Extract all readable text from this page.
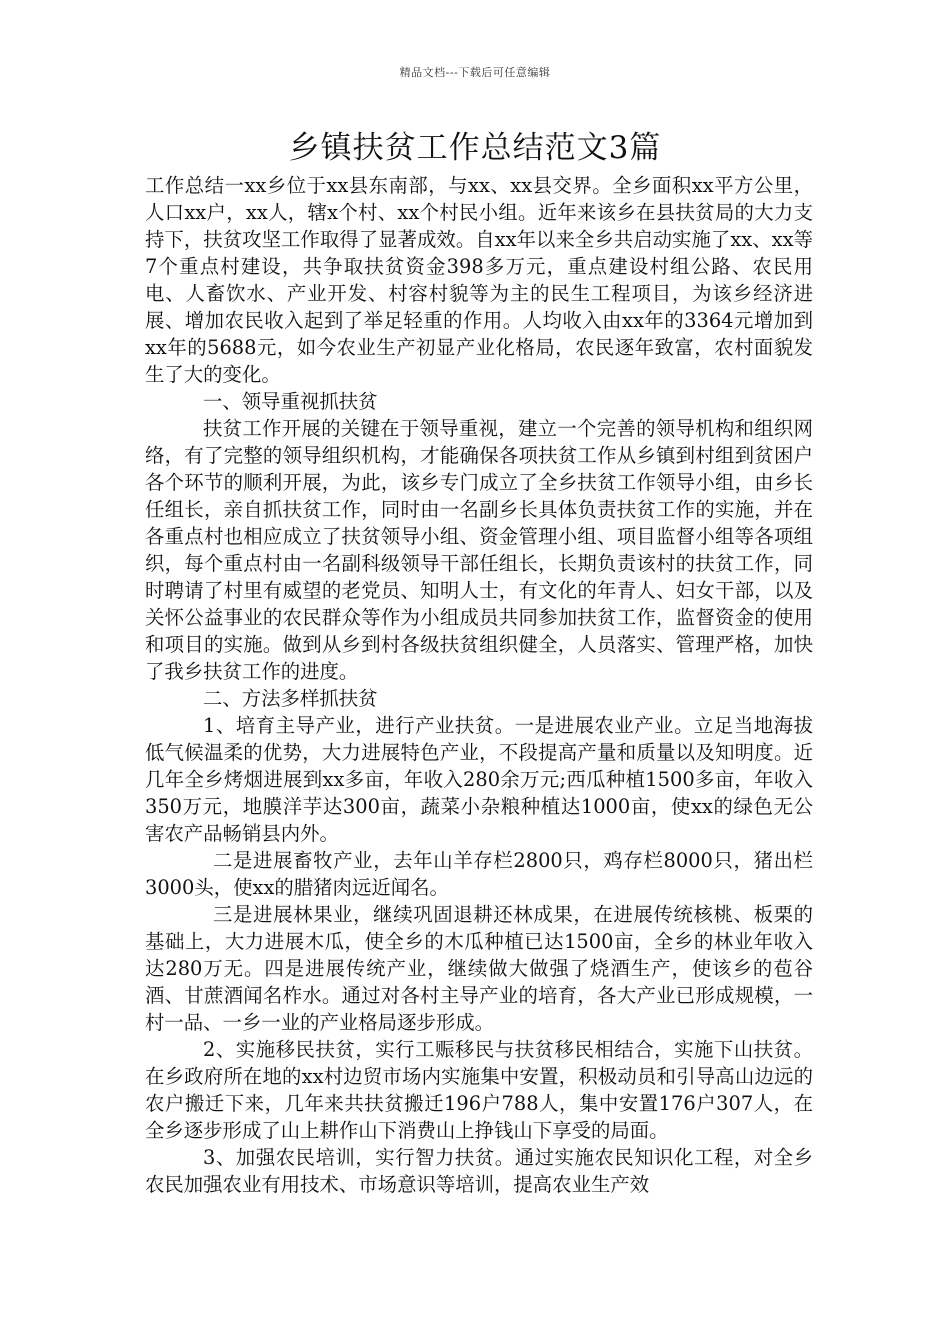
精品文档---下载后可任意编辑
乡镇扶贫工作总结范文3篇

工作总结一xx乡位于xx县东南部，与xx、xx县交界。全乡面积xx平方公里，人口xx户，xx人，辖x个村、xx个村民小组。近年来该乡在县扶贫局的大力支持下，扶贫攻坚工作取得了显著成效。自xx年以来全乡共启动实施了xx、xx等7个重点村建设，共争取扶贫资金398多万元，重点建设村组公路、农民用电、人畜饮水、产业开发、村容村貌等为主的民生工程项目，为该乡经济进展、增加农民收入起到了举足轻重的作用。人均收入由xx年的3364元增加到xx年的5688元，如今农业生产初显产业化格局，农民逐年致富，农村面貌发生了大的变化。

一、领导重视抓扶贫

扶贫工作开展的关键在于领导重视，建立一个完善的领导机构和组织网络，有了完整的领导组织机构，才能确保各项扶贫工作从乡镇到村组到贫困户各个环节的顺利开展，为此，该乡专门成立了全乡扶贫工作领导小组，由乡长任组长，亲自抓扶贫工作，同时由一名副乡长具体负责扶贫工作的实施，并在各重点村也相应成立了扶贫领导小组、资金管理小组、项目监督小组等各项组织，每个重点村由一名副科级领导干部任组长，长期负责该村的扶贫工作，同时聘请了村里有威望的老党员、知明人士，有文化的年青人、妇女干部，以及关怀公益事业的农民群众等作为小组成员共同参加扶贫工作，监督资金的使用和项目的实施。做到从乡到村各级扶贫组织健全，人员落实、管理严格，加快了我乡扶贫工作的进度。

二、方法多样抓扶贫

1、培育主导产业，进行产业扶贫。一是进展农业产业。立足当地海拔低气候温柔的优势，大力进展特色产业，不段提高产量和质量以及知明度。近几年全乡烤烟进展到xx多亩，年收入280余万元;西瓜种植1500多亩，年收入350万元，地膜洋芋达300亩，蔬菜小杂粮种植达1000亩，使xx的绿色无公害农产品畅销县内外。

二是进展畜牧产业，去年山羊存栏2800只，鸡存栏8000只，猪出栏3000头，使xx的腊猪肉远近闻名。

三是进展林果业，继续巩固退耕还林成果，在进展传统核桃、板栗的基础上，大力进展木瓜，使全乡的木瓜种植已达1500亩，全乡的林业年收入达280万无。四是进展传统产业，继续做大做强了烧酒生产，使该乡的苞谷酒、甘蔗酒闻名柞水。通过对各村主导产业的培育，各大产业已形成规模，一村一品、一乡一业的产业格局逐步形成。

2、实施移民扶贫，实行工赈移民与扶贫移民相结合，实施下山扶贫。在乡政府所在地的xx村边贸市场内实施集中安置，积极动员和引导高山边远的农户搬迁下来，几年来共扶贫搬迁196户788人，集中安置176户307人，在全乡逐步形成了山上耕作山下消费山上挣钱山下享受的局面。

3、加强农民培训，实行智力扶贫。通过实施农民知识化工程，对全乡农民加强农业有用技术、市场意识等培训，提高农业生产效
